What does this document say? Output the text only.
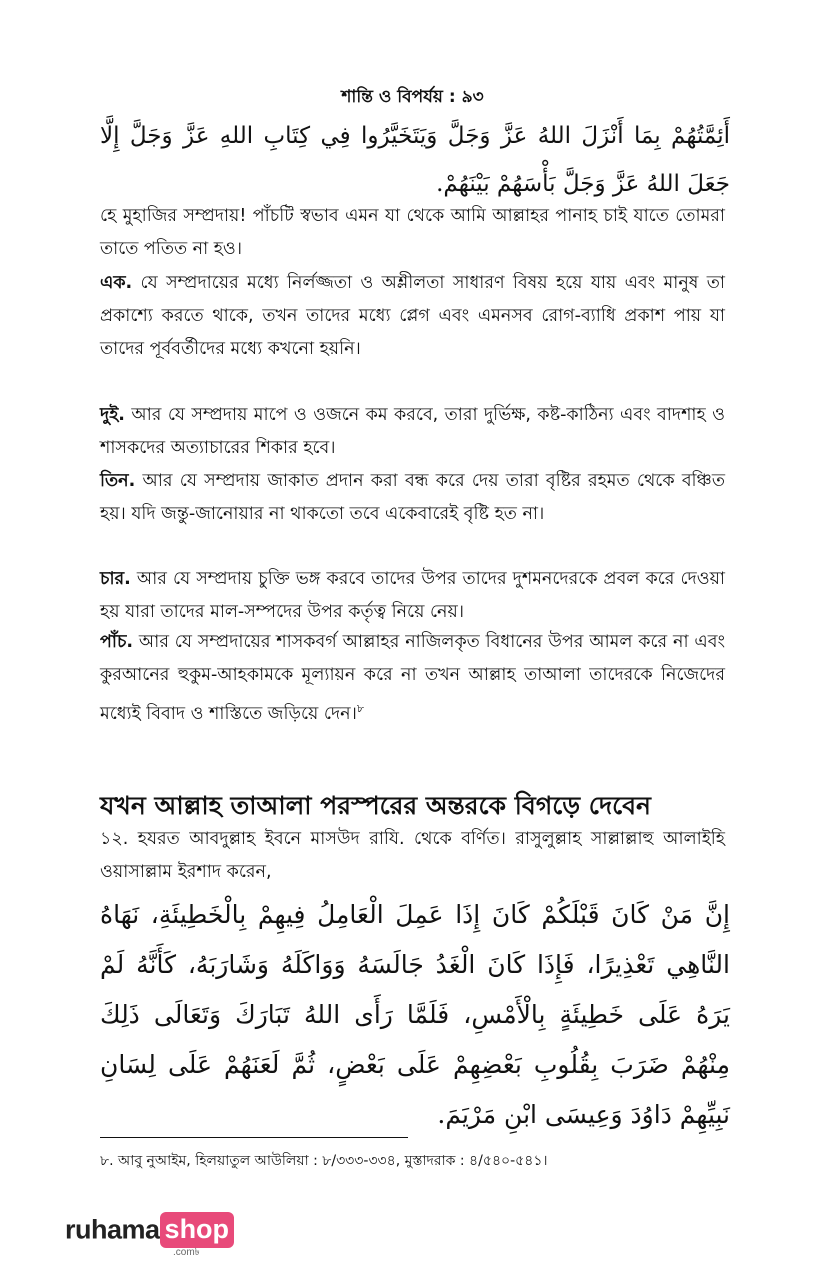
শান্তি ও বিপর্যয় : ৯৩
أَئِمَّتُهُمْ بِمَا أَنْزَلَ اللهُ عَزَّ وَجَلَّ وَيَتَخَيَّرُوا فِي كِتَابِ اللهِ عَزَّ وَجَلَّ إِلَّا جَعَلَ اللهُ عَزَّ وَجَلَّ بَأْسَهُمْ بَيْنَهُمْ.
হে মুহাজির সম্প্রদায়! পাঁচটি স্বভাব এমন যা থেকে আমি আল্লাহর পানাহ চাই যাতে তোমরা তাতে পতিত না হও।
এক. যে সম্প্রদায়ের মধ্যে নির্লজ্জতা ও অশ্লীলতা সাধারণ বিষয় হয়ে যায় এবং মানুষ তা প্রকাশ্যে করতে থাকে, তখন তাদের মধ্যে প্লেগ এবং এমনসব রোগ-ব্যাধি প্রকাশ পায় যা তাদের পূর্ববর্তীদের মধ্যে কখনো হয়নি।
দুই. আর যে সম্প্রদায় মাপে ও ওজনে কম করবে, তারা দুর্ভিক্ষ, কষ্ট-কাঠিন্য এবং বাদশাহ ও শাসকদের অত্যাচারের শিকার হবে।
তিন. আর যে সম্প্রদায় জাকাত প্রদান করা বন্ধ করে দেয় তারা বৃষ্টির রহমত থেকে বঞ্চিত হয়। যদি জন্তু-জানোয়ার না থাকতো তবে একেবারেই বৃষ্টি হত না।
চার. আর যে সম্প্রদায় চুক্তি ভঙ্গ করবে তাদের উপর তাদের দুশমনদেরকে প্রবল করে দেওয়া হয় যারা তাদের মাল-সম্পদের উপর কর্তৃত্ব নিয়ে নেয়।
পাঁচ. আর যে সম্প্রদায়ের শাসকবর্গ আল্লাহর নাজিলকৃত বিধানের উপর আমল করে না এবং কুরআনের হুকুম-আহকামকে মূল্যায়ন করে না তখন আল্লাহ তাআলা তাদেরকে নিজেদের মধ্যেই বিবাদ ও শাস্তিতে জড়িয়ে দেন।$^৮$
যখন আল্লাহ তাআলা পরস্পরের অন্তরকে বিগড়ে দেবেন
১২. হযরত আবদুল্লাহ ইবনে মাসউদ রাযি. থেকে বর্ণিত। রাসুলুল্লাহ সাল্লাল্লাহু আলাইহি ওয়াসাল্লাম ইরশাদ করেন,
إِنَّ مَنْ كَانَ قَبْلَكُمْ كَانَ إِذَا عَمِلَ الْعَامِلُ فِيهِمْ بِالْخَطِيئَةِ، نَهَاهُ النَّاهِي تَعْذِيرًا، فَإِذَا كَانَ الْغَدُ جَالَسَهُ وَوَاكَلَهُ وَشَارَبَهُ، كَأَنَّهُ لَمْ يَرَهُ عَلَى خَطِيئَةٍ بِالْأَمْسِ، فَلَمَّا رَأَى اللهُ تَبَارَكَ وَتَعَالَى ذَلِكَ مِنْهُمْ ضَرَبَ بِقُلُوبِ بَعْضِهِمْ عَلَى بَعْضٍ، ثُمَّ لَعَنَهُمْ عَلَى لِسَانِ نَبِيِّهِمْ دَاوُدَ وَعِيسَى ابْنِ مَرْيَمَ.
৮. আবু নুআইম, হিলয়াতুল আউলিয়া : ৮/৩৩৩-৩৩৪, মুস্তাদরাক : ৪/৫৪০-৫৪১।
ruhama shop
.com৳
